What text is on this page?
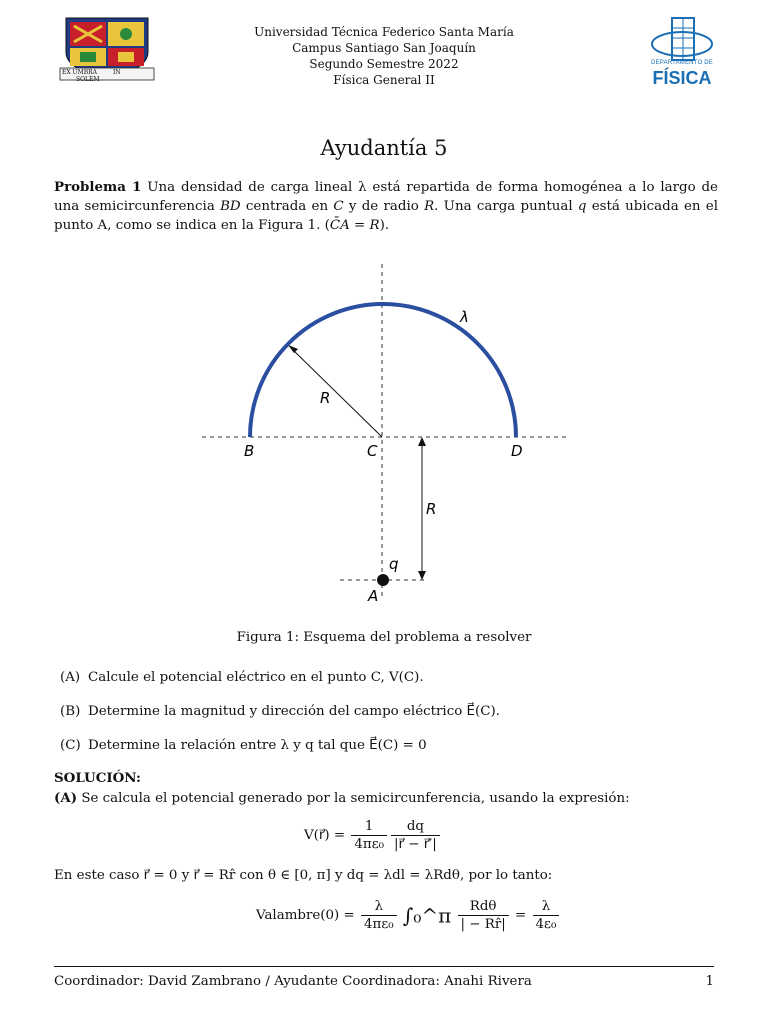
EX UMBRA	IN SOLEM
Universidad Técnica Federico Santa María
Campus Santiago San Joaquín
Segundo Semestre 2022
Física General II
DEPARTAMENTO DE
FÍSICA
Ayudantía 5
Problema 1 Una densidad de carga lineal λ está repartida de forma homogénea a lo largo de una semicircunferencia BD centrada en C y de radio R. Una carga puntual q está ubicada en el punto A, como se indica en la Figura 1. (C̄A = R).
λ
R
B	C	D
R
q
A
Figura 1: Esquema del problema a resolver
(A) Calcule el potencial eléctrico en el punto C, V(C).
(B) Determine la magnitud y dirección del campo eléctrico E⃗(C).
(C) Determine la relación entre λ y q tal que E⃗(C) = 0
SOLUCIÓN:
(A) Se calcula el potencial generado por la semicircunferencia, usando la expresión:
V(r⃗) = $\frac{1}{\text{4πε₀}} \frac{dq}{|r⃗ - r⃗'|}$
En este caso r⃗ = 0 y r⃗ = Rr̂ con θ ∈ [0, π] y dq = λdl = λRdθ, por lo tanto:
Valambre(0) = $\frac{\lambda}{\text{4πε₀}}$ ∫₀^π $\frac{\text{Rdθ}}{| - Rr̂|} = \frac{\lambda}{\text{4ε₀}}$
Coordinador: David Zambrano / Ayudante Coordinadora: Anahi Rivera	1
